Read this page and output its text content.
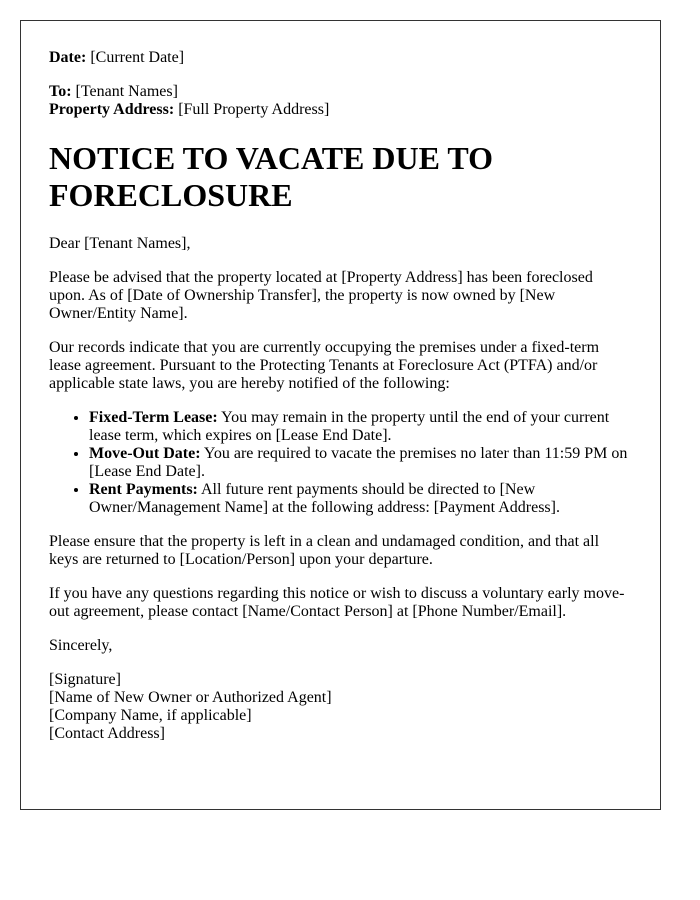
Date: [Current Date]

To: [Tenant Names]

Property Address: [Full Property Address]

NOTICE TO VACATE DUE TO FORECLOSURE

Dear [Tenant Names],

Please be advised that the property located at [Property Address] has been foreclosed upon. As of [Date of Ownership Transfer], the property is now owned by [New Owner/Entity Name].

Our records indicate that you are currently occupying the premises under a fixed-term lease agreement. Pursuant to the Protecting Tenants at Foreclosure Act (PTFA) and/or applicable state laws, you are hereby notified of the following:

• Fixed-Term Lease: You may remain in the property until the end of your current lease term, which expires on [Lease End Date].
• Move-Out Date: You are required to vacate the premises no later than 11:59 PM on [Lease End Date].
• Rent Payments: All future rent payments should be directed to [New Owner/Management Name] at the following address: [Payment Address].

Please ensure that the property is left in a clean and undamaged condition, and that all keys are returned to [Location/Person] upon your departure.

If you have any questions regarding this notice or wish to discuss a voluntary early move-out agreement, please contact [Name/Contact Person] at [Phone Number/Email].

Sincerely,

[Signature]

[Name of New Owner or Authorized Agent]

[Company Name, if applicable]

[Contact Address]
